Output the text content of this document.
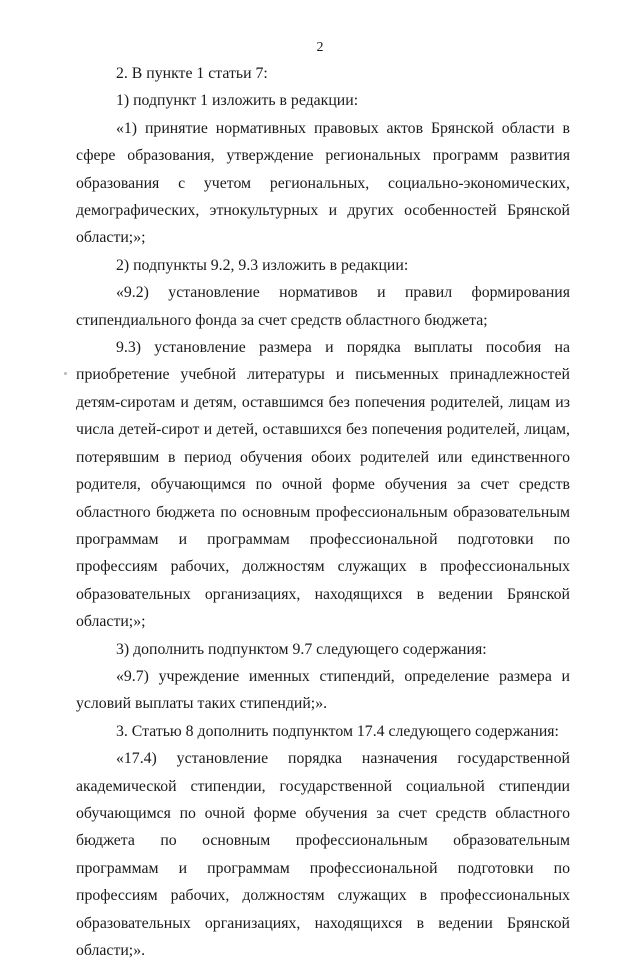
2

2. В пункте 1 статьи 7:

1) подпункт 1 изложить в редакции:

«1) принятие нормативных правовых актов Брянской области в сфере образования, утверждение региональных программ развития образования с учетом региональных, социально-экономических, демографических, этнокультурных и других особенностей Брянской области;»;

2) подпункты 9.2, 9.3 изложить в редакции:

«9.2) установление нормативов и правил формирования стипендиального фонда за счет средств областного бюджета;

9.3) установление размера и порядка выплаты пособия на приобретение учебной литературы и письменных принадлежностей детям-сиротам и детям, оставшимся без попечения родителей, лицам из числа детей-сирот и детей, оставшихся без попечения родителей, лицам, потерявшим в период обучения обоих родителей или единственного родителя, обучающимся по очной форме обучения за счет средств областного бюджета по основным профессиональным образовательным программам и программам профессиональной подготовки по профессиям рабочих, должностям служащих в профессиональных образовательных организациях, находящихся в ведении Брянской области;»;

3) дополнить подпунктом 9.7 следующего содержания:

«9.7) учреждение именных стипендий, определение размера и условий выплаты таких стипендий;».

3. Статью 8 дополнить подпунктом 17.4 следующего содержания:

«17.4) установление порядка назначения государственной академической стипендии, государственной социальной стипендии обучающимся по очной форме обучения за счет средств областного бюджета по основным профессиональным образовательным программам и программам профессиональной подготовки по профессиям рабочих, должностям служащих в профессиональных образовательных организациях, находящихся в ведении Брянской области;».
